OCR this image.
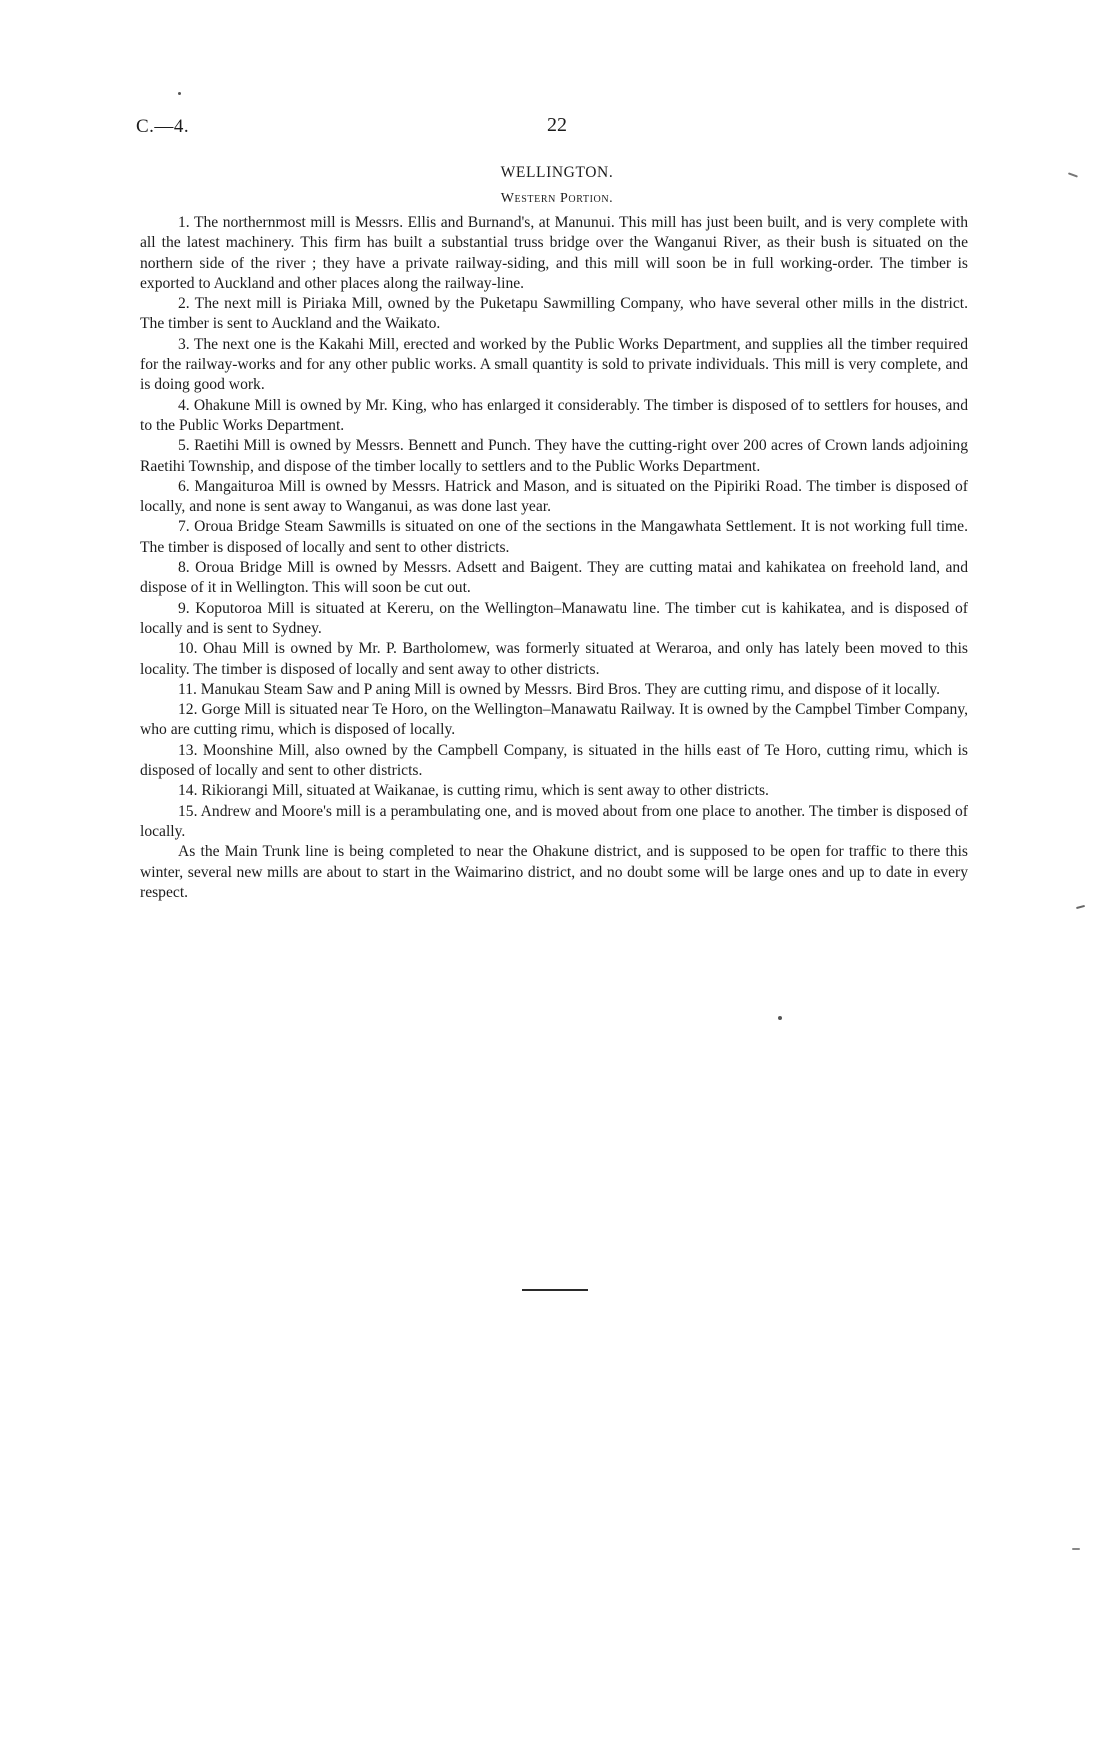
C.—4.	22
WELLINGTON.
Western Portion.

1. The northernmost mill is Messrs. Ellis and Burnand's, at Manunui. This mill has just been built, and is very complete with all the latest machinery. This firm has built a substantial truss bridge over the Wanganui River, as their bush is situated on the northern side of the river ; they have a private railway-siding, and this mill will soon be in full working-order. The timber is exported to Auckland and other places along the railway-line.

2. The next mill is Piriaka Mill, owned by the Puketapu Sawmilling Company, who have several other mills in the district. The timber is sent to Auckland and the Waikato.

3. The next one is the Kakahi Mill, erected and worked by the Public Works Department, and supplies all the timber required for the railway-works and for any other public works. A small quantity is sold to private individuals. This mill is very complete, and is doing good work.

4. Ohakune Mill is owned by Mr. King, who has enlarged it considerably. The timber is disposed of to settlers for houses, and to the Public Works Department.

5. Raetihi Mill is owned by Messrs. Bennett and Punch. They have the cutting-right over 200 acres of Crown lands adjoining Raetihi Township, and dispose of the timber locally to settlers and to the Public Works Department.

6. Mangaituroa Mill is owned by Messrs. Hatrick and Mason, and is situated on the Pipiriki Road. The timber is disposed of locally, and none is sent away to Wanganui, as was done last year.

7. Oroua Bridge Steam Sawmills is situated on one of the sections in the Mangawhata Settlement. It is not working full time. The timber is disposed of locally and sent to other districts.

8. Oroua Bridge Mill is owned by Messrs. Adsett and Baigent. They are cutting matai and kahikatea on freehold land, and dispose of it in Wellington. This will soon be cut out.

9. Koputoroa Mill is situated at Kereru, on the Wellington–Manawatu line. The timber cut is kahikatea, and is disposed of locally and is sent to Sydney.

10. Ohau Mill is owned by Mr. P. Bartholomew, was formerly situated at Weraroa, and only has lately been moved to this locality. The timber is disposed of locally and sent away to other districts.

11. Manukau Steam Saw and P aning Mill is owned by Messrs. Bird Bros. They are cutting rimu, and dispose of it locally.

12. Gorge Mill is situated near Te Horo, on the Wellington–Manawatu Railway. It is owned by the Campbel Timber Company, who are cutting rimu, which is disposed of locally.

13. Moonshine Mill, also owned by the Campbell Company, is situated in the hills east of Te Horo, cutting rimu, which is disposed of locally and sent to other districts.

14. Rikiorangi Mill, situated at Waikanae, is cutting rimu, which is sent away to other districts.

15. Andrew and Moore's mill is a perambulating one, and is moved about from one place to another. The timber is disposed of locally.

As the Main Trunk line is being completed to near the Ohakune district, and is supposed to be open for traffic to there this winter, several new mills are about to start in the Waimarino district, and no doubt some will be large ones and up to date in every respect.
